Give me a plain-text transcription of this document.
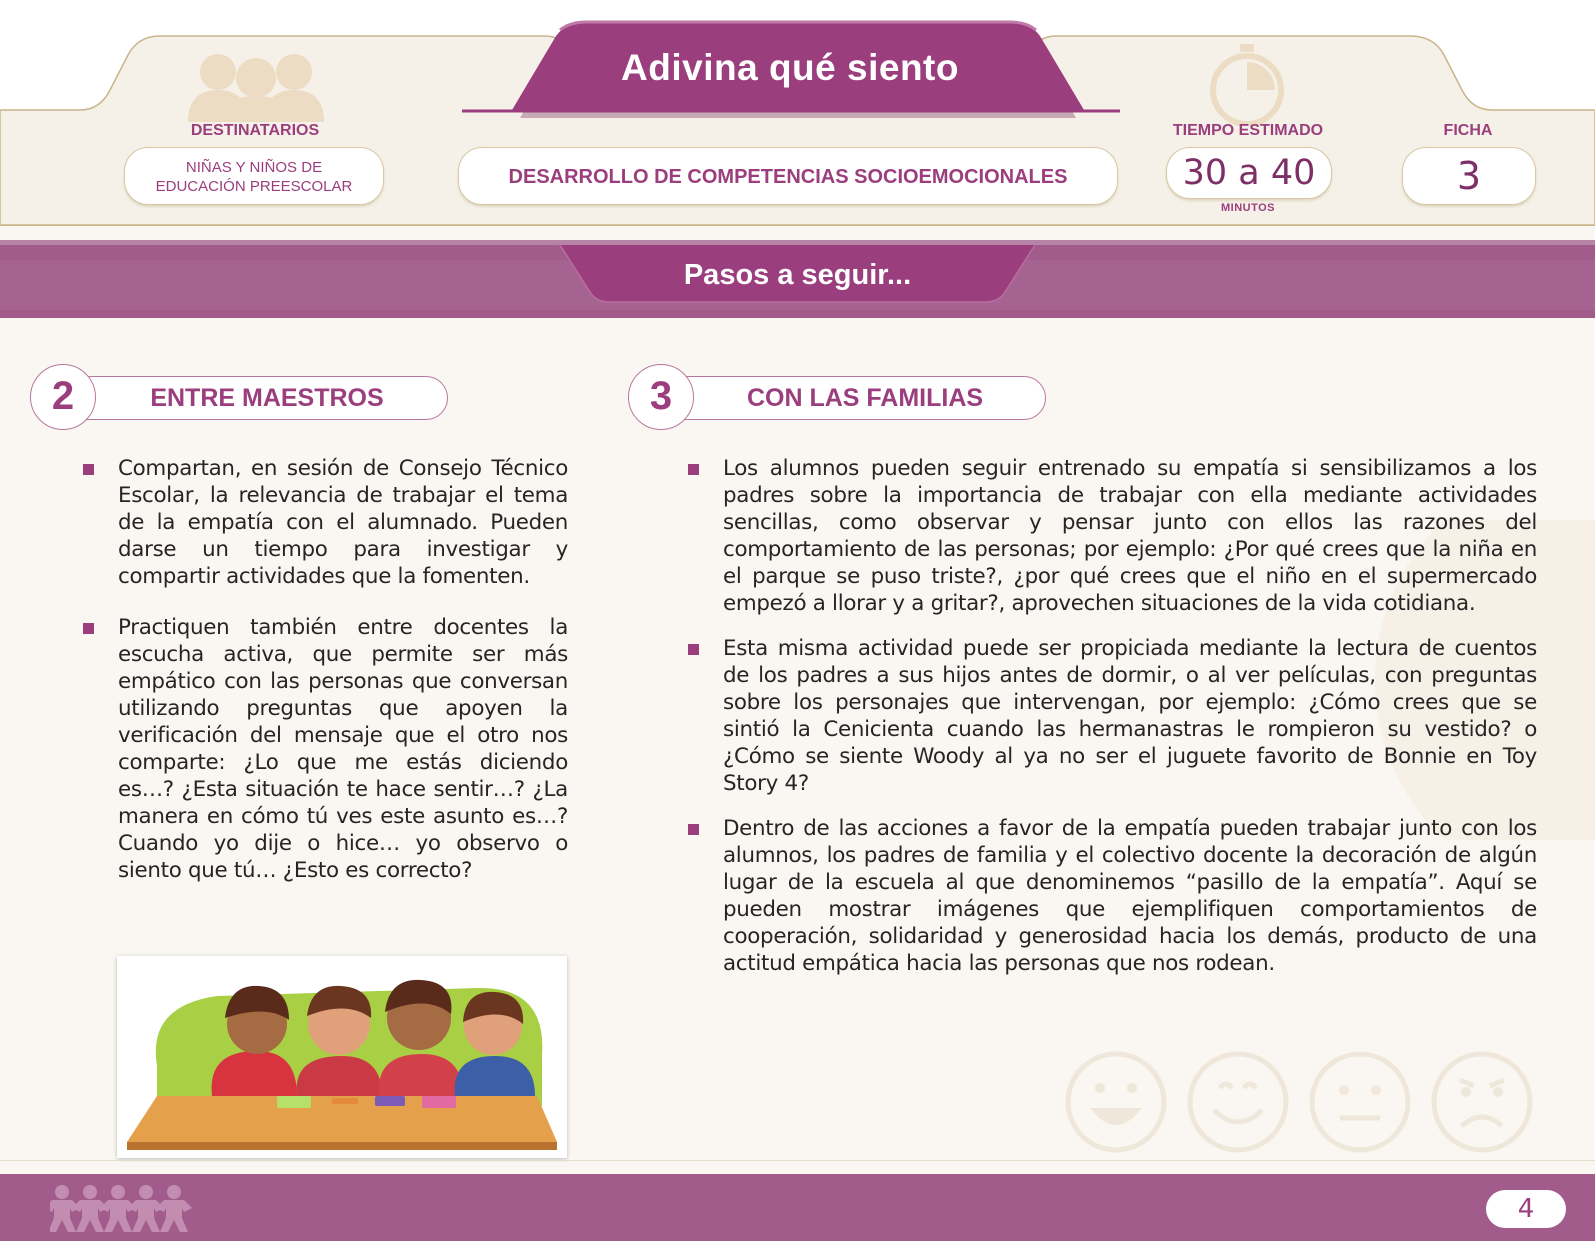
Adivina qué siento
DESTINATARIOS
NIÑAS Y NIÑOS DE
EDUCACIÓN PREESCOLAR	DESARROLLO DE COMPETENCIAS SOCIOEMOCIONALES
TIEMPO ESTIMADO
30 a 40
MINUTOS
FICHA
3
Pasos a seguir...
2	ENTRE MAESTROS
Compartan, en sesión de Consejo Técnico Escolar, la relevancia de trabajar el tema de la empatía con el alumnado. Pueden darse un tiempo para investigar y compartir actividades que la fomenten.
Practiquen también entre docentes la escucha activa, que permite ser más empático con las personas que conversan utilizando preguntas que apoyen la verificación del mensaje que el otro nos comparte: ¿Lo que me estás diciendo es…? ¿Esta situación te hace sentir…? ¿La manera en cómo tú ves este asunto es…? Cuando yo dije o hice… yo observo o siento que tú… ¿Esto es correcto?
3	CON LAS FAMILIAS
Los alumnos pueden seguir entrenado su empatía si sensibilizamos a los padres sobre la importancia de trabajar con ella mediante actividades sencillas, como observar y pensar junto con ellos las razones del comportamiento de las personas; por ejemplo: ¿Por qué crees que la niña en el parque se puso triste?, ¿por qué crees que el niño en el supermercado empezó a llorar y a gritar?, aprovechen situaciones de la vida cotidiana.
Esta misma actividad puede ser propiciada mediante la lectura de cuentos de los padres a sus hijos antes de dormir, o al ver películas, con preguntas sobre los personajes que intervengan, por ejemplo: ¿Cómo crees que se sintió la Cenicienta cuando las hermanastras le rompieron su vestido? o ¿Cómo se siente Woody al ya no ser el juguete favorito de Bonnie en Toy Story 4?
Dentro de las acciones a favor de la empatía pueden trabajar junto con los alumnos, los padres de familia y el colectivo docente la decoración de algún lugar de la escuela al que denominemos “pasillo de la empatía”. Aquí se pueden mostrar imágenes que ejemplifiquen comportamientos de cooperación, solidaridad y generosidad hacia los demás, producto de una actitud empática hacia las personas que nos rodean.
4
